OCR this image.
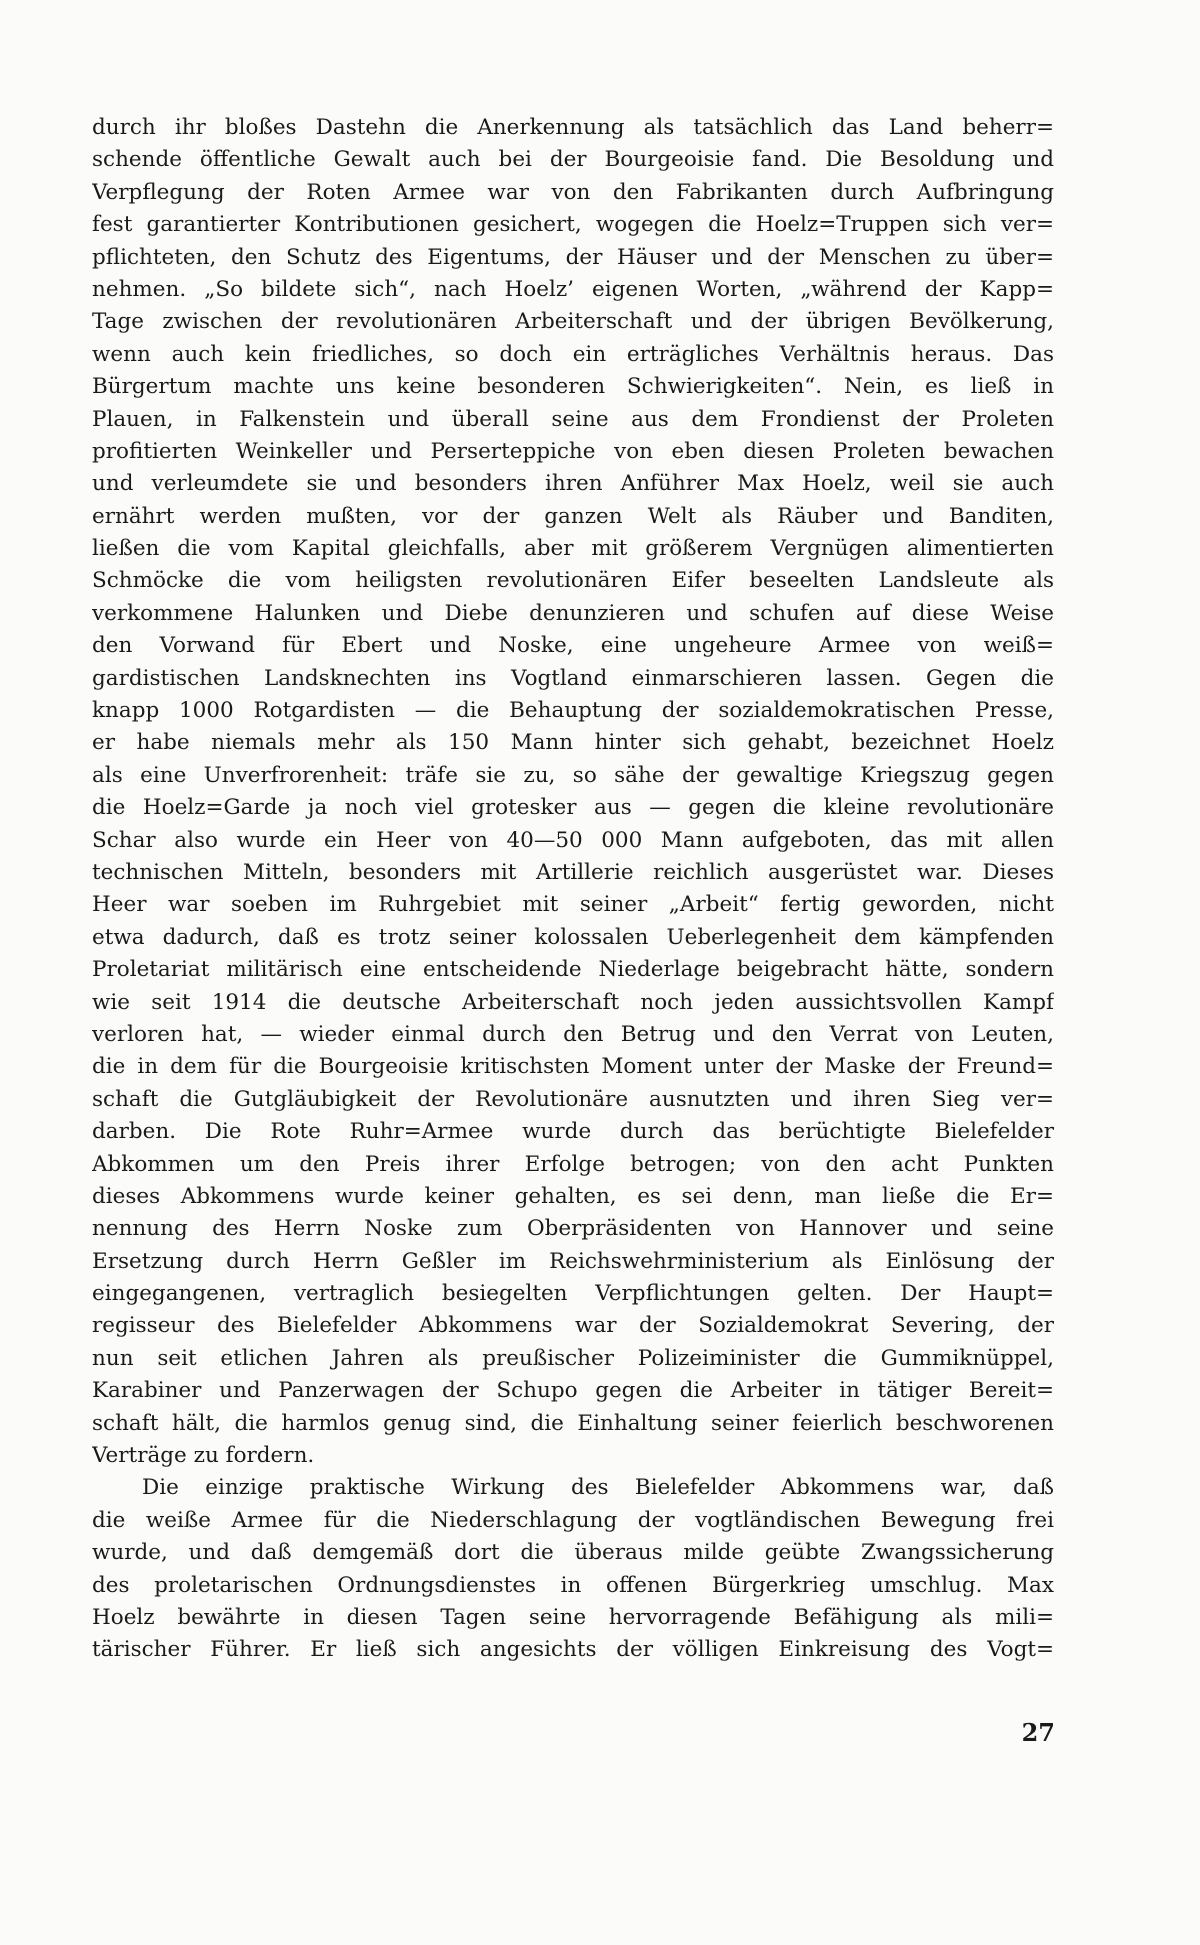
durch ihr bloßes Dastehn die Anerkennung als tatsächlich das Land beherr=
schende öffentliche Gewalt auch bei der Bourgeoisie fand. Die Besoldung und
Verpflegung der Roten Armee war von den Fabrikanten durch Aufbringung
fest garantierter Kontributionen gesichert, wogegen die Hoelz=Truppen sich ver=
pflichteten, den Schutz des Eigentums, der Häuser und der Menschen zu über=
nehmen. „So bildete sich“, nach Hoelz’ eigenen Worten, „während der Kapp=
Tage zwischen der revolutionären Arbeiterschaft und der übrigen Bevölkerung,
wenn auch kein friedliches, so doch ein erträgliches Verhältnis heraus. Das
Bürgertum machte uns keine besonderen Schwierigkeiten“. Nein, es ließ in
Plauen, in Falkenstein und überall seine aus dem Frondienst der Proleten
profitierten Weinkeller und Perserteppiche von eben diesen Proleten bewachen
und verleumdete sie und besonders ihren Anführer Max Hoelz, weil sie auch
ernährt werden mußten, vor der ganzen Welt als Räuber und Banditen,
ließen die vom Kapital gleichfalls, aber mit größerem Vergnügen alimentierten
Schmöcke die vom heiligsten revolutionären Eifer beseelten Landsleute als
verkommene Halunken und Diebe denunzieren und schufen auf diese Weise
den Vorwand für Ebert und Noske, eine ungeheure Armee von weiß=
gardistischen Landsknechten ins Vogtland einmarschieren lassen. Gegen die
knapp 1000 Rotgardisten — die Behauptung der sozialdemokratischen Presse,
er habe niemals mehr als 150 Mann hinter sich gehabt, bezeichnet Hoelz
als eine Unverfrorenheit: träfe sie zu, so sähe der gewaltige Kriegszug gegen
die Hoelz=Garde ja noch viel grotesker aus — gegen die kleine revolutionäre
Schar also wurde ein Heer von 40—50 000 Mann aufgeboten, das mit allen
technischen Mitteln, besonders mit Artillerie reichlich ausgerüstet war. Dieses
Heer war soeben im Ruhrgebiet mit seiner „Arbeit“ fertig geworden, nicht
etwa dadurch, daß es trotz seiner kolossalen Ueberlegenheit dem kämpfenden
Proletariat militärisch eine entscheidende Niederlage beigebracht hätte, sondern
wie seit 1914 die deutsche Arbeiterschaft noch jeden aussichtsvollen Kampf
verloren hat, — wieder einmal durch den Betrug und den Verrat von Leuten,
die in dem für die Bourgeoisie kritischsten Moment unter der Maske der Freund=
schaft die Gutgläubigkeit der Revolutionäre ausnutzten und ihren Sieg ver=
darben. Die Rote Ruhr=Armee wurde durch das berüchtigte Bielefelder
Abkommen um den Preis ihrer Erfolge betrogen; von den acht Punkten
dieses Abkommens wurde keiner gehalten, es sei denn, man ließe die Er=
nennung des Herrn Noske zum Oberpräsidenten von Hannover und seine
Ersetzung durch Herrn Geßler im Reichswehrministerium als Einlösung der
eingegangenen, vertraglich besiegelten Verpflichtungen gelten. Der Haupt=
regisseur des Bielefelder Abkommens war der Sozialdemokrat Severing, der
nun seit etlichen Jahren als preußischer Polizeiminister die Gummiknüppel,
Karabiner und Panzerwagen der Schupo gegen die Arbeiter in tätiger Bereit=
schaft hält, die harmlos genug sind, die Einhaltung seiner feierlich beschworenen
Verträge zu fordern.
Die einzige praktische Wirkung des Bielefelder Abkommens war, daß
die weiße Armee für die Niederschlagung der vogtländischen Bewegung frei
wurde, und daß demgemäß dort die überaus milde geübte Zwangssicherung
des proletarischen Ordnungsdienstes in offenen Bürgerkrieg umschlug. Max
Hoelz bewährte in diesen Tagen seine hervorragende Befähigung als mili=
tärischer Führer. Er ließ sich angesichts der völligen Einkreisung des Vogt=
27
